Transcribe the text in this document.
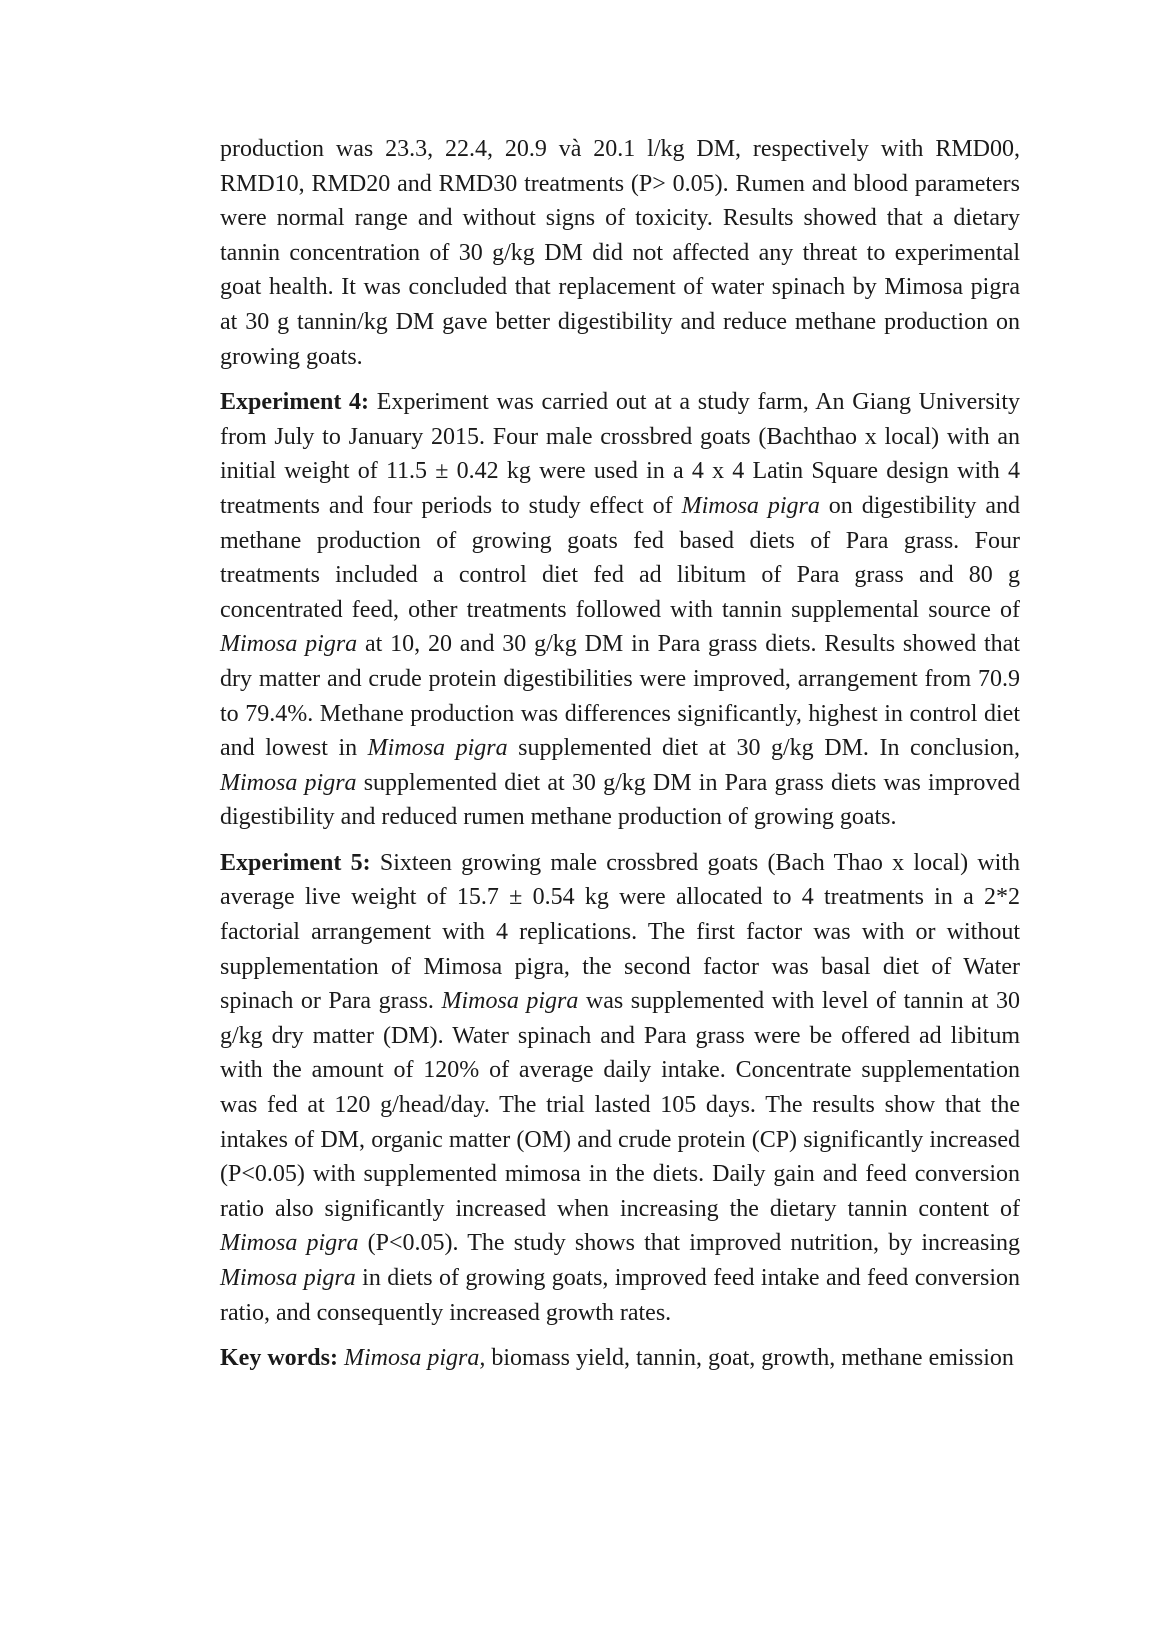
production was 23.3, 22.4, 20.9 và 20.1 l/kg DM, respectively with RMD00, RMD10, RMD20 and RMD30 treatments (P> 0.05). Rumen and blood parameters were normal range and without signs of toxicity. Results showed that a dietary tannin concentration of 30 g/kg DM did not affected any threat to experimental goat health. It was concluded that replacement of water spinach by Mimosa pigra at 30 g tannin/kg DM gave better digestibility and reduce methane production on growing goats.

Experiment 4: Experiment was carried out at a study farm, An Giang University from July to January 2015. Four male crossbred goats (Bachthao x local) with an initial weight of 11.5 ± 0.42 kg were used in a 4 x 4 Latin Square design with 4 treatments and four periods to study effect of Mimosa pigra on digestibility and methane production of growing goats fed based diets of Para grass. Four treatments included a control diet fed ad libitum of Para grass and 80 g concentrated feed, other treatments followed with tannin supplemental source of Mimosa pigra at 10, 20 and 30 g/kg DM in Para grass diets. Results showed that dry matter and crude protein digestibilities were improved, arrangement from 70.9 to 79.4%. Methane production was differences significantly, highest in control diet and lowest in Mimosa pigra supplemented diet at 30 g/kg DM. In conclusion, Mimosa pigra supplemented diet at 30 g/kg DM in Para grass diets was improved digestibility and reduced rumen methane production of growing goats.

Experiment 5: Sixteen growing male crossbred goats (Bach Thao x local) with average live weight of 15.7 ± 0.54 kg were allocated to 4 treatments in a 2*2 factorial arrangement with 4 replications. The first factor was with or without supplementation of Mimosa pigra, the second factor was basal diet of Water spinach or Para grass. Mimosa pigra was supplemented with level of tannin at 30 g/kg dry matter (DM). Water spinach and Para grass were be offered ad libitum with the amount of 120% of average daily intake. Concentrate supplementation was fed at 120 g/head/day. The trial lasted 105 days. The results show that the intakes of DM, organic matter (OM) and crude protein (CP) significantly increased (P<0.05) with supplemented mimosa in the diets. Daily gain and feed conversion ratio also significantly increased when increasing the dietary tannin content of Mimosa pigra (P<0.05). The study shows that improved nutrition, by increasing Mimosa pigra in diets of growing goats, improved feed intake and feed conversion ratio, and consequently increased growth rates.

Key words: Mimosa pigra, biomass yield, tannin, goat, growth, methane emission
